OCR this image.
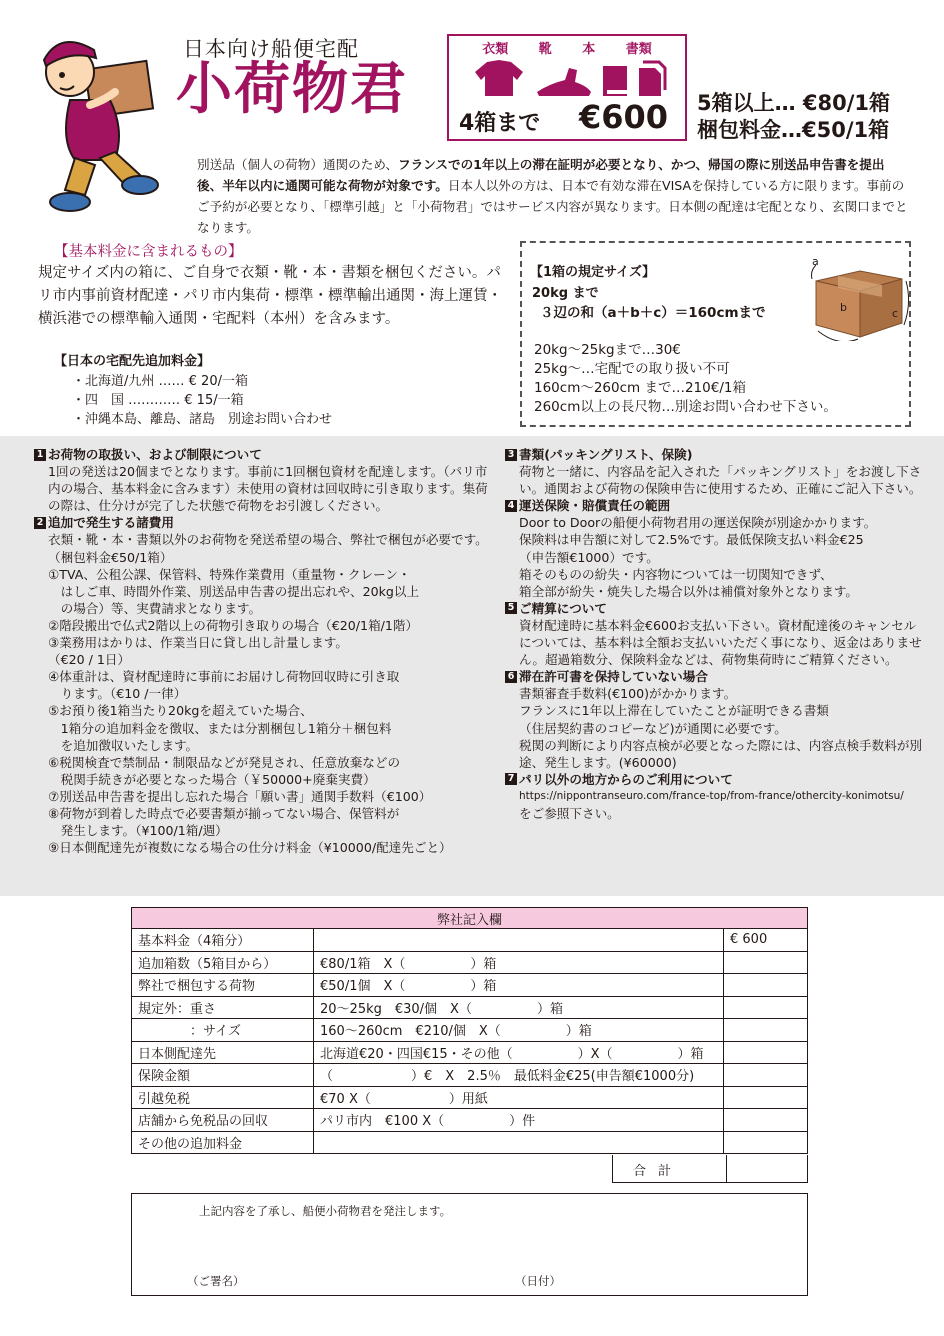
日本向け船便宅配
小荷物君
衣類 靴 本 書類
4箱まで €600 5箱以上… €80/1箱
梱包料金…€50/1箱
別送品（個人の荷物）通関のため、フランスでの1年以上の滞在証明が必要となり、かつ、帰国の際に別送品申告書を提出後、半年以内に通関可能な荷物が対象です。日本人以外の方は、日本で有効な滞在VISAを保持している方に限ります。事前のご予約が必要となり、「標準引越」と「小荷物君」ではサービス内容が異なります。日本側の配達は宅配となり、玄関口までとなります。
【基本料金に含まれるもの】
規定サイズ内の箱に、ご自身で衣類・靴・本・書類を梱包ください。パリ市内事前資材配達・パリ市内集荷・標準・標準輸出通関・海上運賃・横浜港での標準輸入通関・宅配料（本州）を含みます。
【日本の宅配先追加料金】
・北海道/九州 …… € 20/一箱
・四　国 ………… € 15/一箱
・沖縄本島、離島、諸島　別途お問い合わせ
【1箱の規定サイズ】
20kg まで
３辺の和（a＋b＋c）＝160cmまで
a
b	c
20kg～25kgまで…30€
25kg～…宅配での取り扱い不可
160cm～260cm まで…210€/1箱
260cm以上の長尺物…別途お問い合わせ下さい。
1 お荷物の取扱い、および制限について
1回の発送は20個までとなります。事前に1回梱包資材を配達します。（パリ市内の場合、基本料金に含みます）未使用の資材は回収時に引き取ります。集荷の際は、仕分けが完了した状態で荷物をお引渡しください。
2 追加で発生する諸費用
衣類・靴・本・書類以外のお荷物を発送希望の場合、弊社で梱包が必要です。（梱包料金€50/1箱）
①TVA、公租公課、保管料、特殊作業費用（重量物・クレーン・
　はしご車、時間外作業、別送品申告書の提出忘れや、20kg以上
　の場合）等、実費請求となります。
②階段搬出で仏式2階以上の荷物引き取りの場合（€20/1箱/1階）
③業務用はかりは、作業当日に貸し出し計量します。
（€20 / 1日）
④体重計は、資材配達時に事前にお届けし荷物回収時に引き取
　ります。（€10 /一律）
⑤お預り後1箱当たり20kgを超えていた場合、
　1箱分の追加料金を徴収、または分割梱包し1箱分＋梱包料
　を追加徴収いたします。
⑥税関検査で禁制品・制限品などが発見され、任意放棄などの
　税関手続きが必要となった場合（￥50000+廃棄実費）
⑦別送品申告書を提出し忘れた場合「願い書」通関手数料（€100）
⑧荷物が到着した時点で必要書類が揃ってない場合、保管料が
　発生します。（¥100/1箱/週）
⑨日本側配達先が複数になる場合の仕分け料金（¥10000/配達先ごと）
3 書類(パッキングリスト、保険)
荷物と一緒に、内容品を記入された「パッキングリスト」をお渡し下さい。通関および荷物の保険申告に使用するため、正確にご記入下さい。
4 運送保険・賠償責任の範囲
Door to Doorの船便小荷物君用の運送保険が別途かかります。
保険料は申告額に対して2.5%です。最低保険支払い料金€25
（申告額€1000）です。
箱そのものの紛失・内容物については一切関知できず、
箱全部が紛失・焼失した場合以外は補償対象外となります。
5 ご精算について
資材配達時に基本料金€600お支払い下さい。資材配達後のキャンセルについては、基本料は全額お支払いいただく事になり、返金はありません。超過箱数分、保険料金などは、荷物集荷時にご精算ください。
6 滞在許可書を保持していない場合
書類審査手数料(€100)がかかります。
フランスに1年以上滞在していたことが証明できる書類
（住居契約書のコピーなど)が通関に必要です。
税関の判断により内容点検が必要となった際には、内容点検手数料が別途、発生します。(¥60000)
7 パリ以外の地方からのご利用について
https://nippontranseuro.com/france-top/from-france/othercity-konimotsu/
をご参照下さい。
弊社記入欄		
基本料金（4箱分）		€ 600
追加箱数（5箱目から）	€80/1箱　X（　　　　　）箱	
弊社で梱包する荷物	€50/1個　X（　　　　　）箱	
規定外：重さ	20～25kg　€30/個　X（　　　　　）箱	
　　　　：サイズ	160～260cm　€210/個　X（　　　　　）箱	
日本側配達先	北海道€20・四国€15・その他（　　　　　）X（　　　　　）箱	
保険金額	（　　　　　　）€　X　2.5％　最低料金€25(申告額€1000分)	
引越免税	€70 X（　　　　　　）用紙	
店舗から免税品の回収	パリ市内　€100 X（　　　　　）件	
その他の追加料金		
合計
上記内容を了承し、船便小荷物君を発注します。
（ご署名）	（日付）
